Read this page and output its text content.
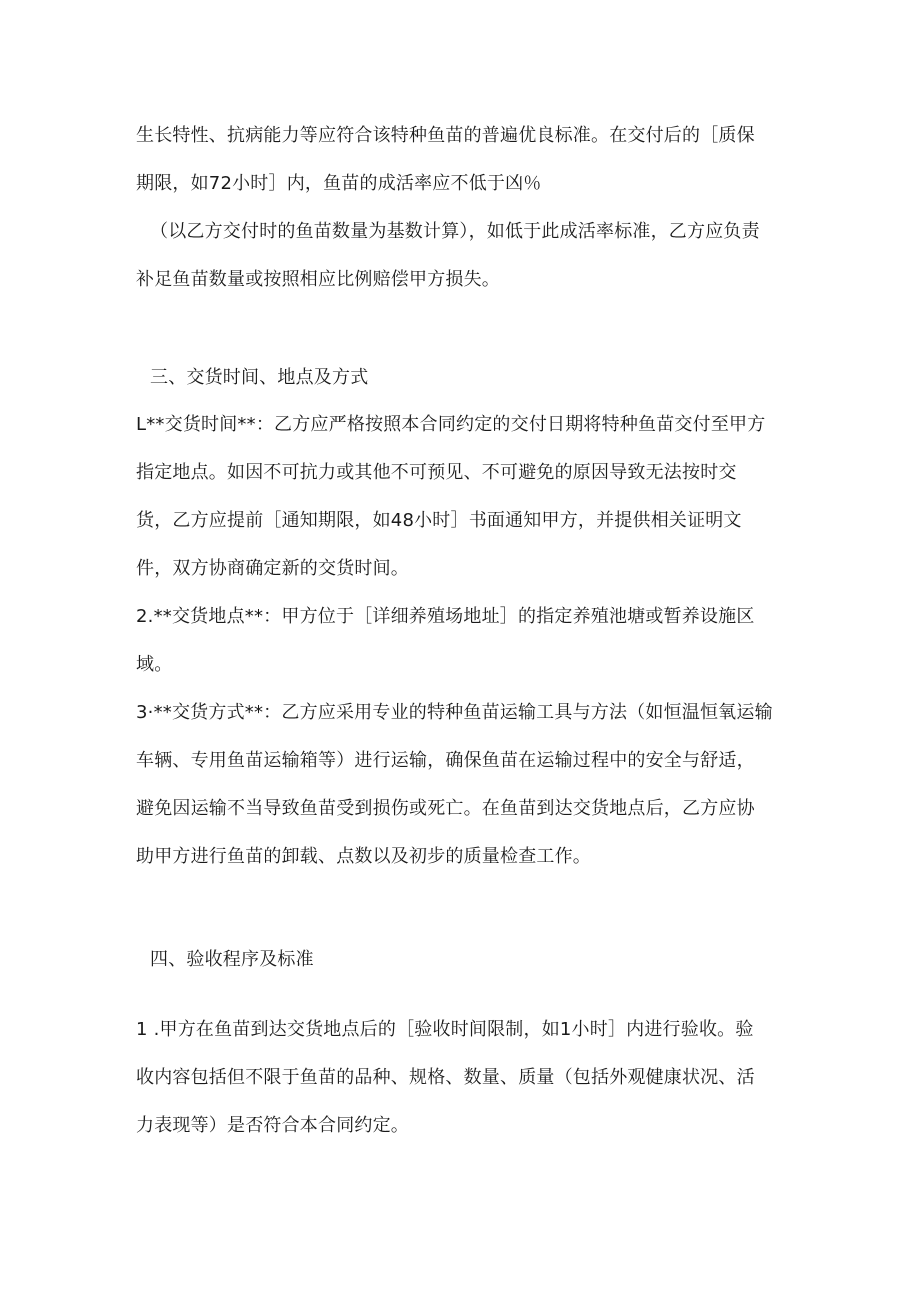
生长特性、抗病能力等应符合该特种鱼苗的普遍优良标准。在交付后的［质保
期限，如72小时］内，鱼苗的成活率应不低于凶％
（以乙方交付时的鱼苗数量为基数计算），如低于此成活率标准，乙方应负责
补足鱼苗数量或按照相应比例赔偿甲方损失。
三、交货时间、地点及方式
L**交货时间**：乙方应严格按照本合同约定的交付日期将特种鱼苗交付至甲方
指定地点。如因不可抗力或其他不可预见、不可避免的原因导致无法按时交
货，乙方应提前［通知期限，如48小时］书面通知甲方，并提供相关证明文
件，双方协商确定新的交货时间。
2.**交货地点**：甲方位于［详细养殖场地址］的指定养殖池塘或暂养设施区
域。
3·**交货方式**：乙方应采用专业的特种鱼苗运输工具与方法（如恒温恒氧运输
车辆、专用鱼苗运输箱等）进行运输，确保鱼苗在运输过程中的安全与舒适，
避免因运输不当导致鱼苗受到损伤或死亡。在鱼苗到达交货地点后，乙方应协
助甲方进行鱼苗的卸载、点数以及初步的质量检查工作。
四、验收程序及标准
1 .甲方在鱼苗到达交货地点后的［验收时间限制，如1小时］内进行验收。验
收内容包括但不限于鱼苗的品种、规格、数量、质量（包括外观健康状况、活
力表现等）是否符合本合同约定。
